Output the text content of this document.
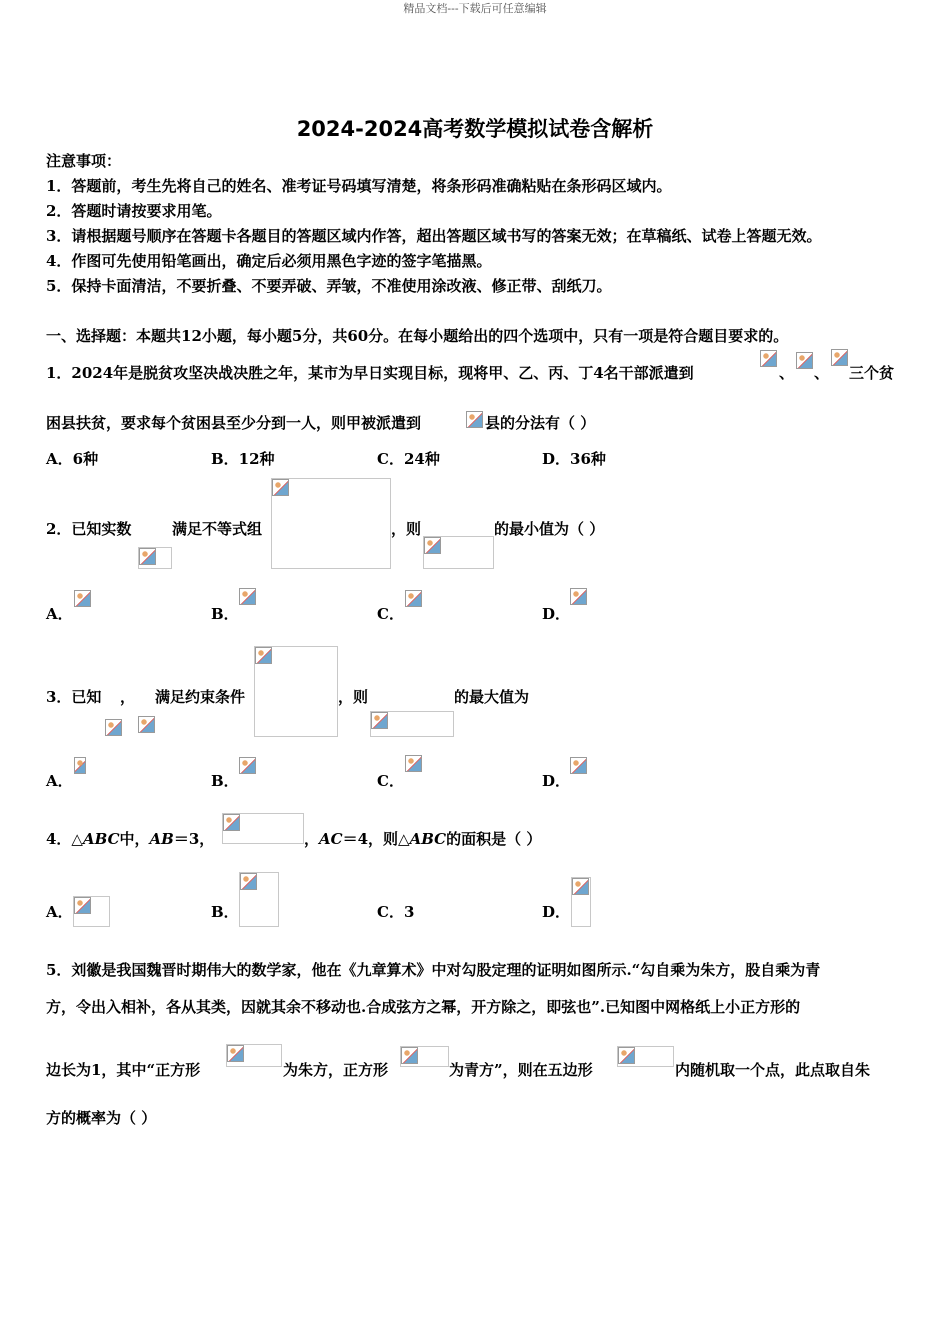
精品文档---下载后可任意编辑
2024-2024高考数学模拟试卷含解析
注意事项：
1．答题前，考生先将自己的姓名、准考证号码填写清楚，将条形码准确粘贴在条形码区域内。
2．答题时请按要求用笔。
3．请根据题号顺序在答题卡各题目的答题区域内作答，超出答题区域书写的答案无效；在草稿纸、试卷上答题无效。
4．作图可先使用铅笔画出，确定后必须用黑色字迹的签字笔描黑。
5．保持卡面清洁，不要折叠、不要弄破、弄皱，不准使用涂改液、修正带、刮纸刀。
一、选择题：本题共12小题，每小题5分，共60分。在每小题给出的四个选项中，只有一项是符合题目要求的。
1．2024年是脱贫攻坚决战决胜之年，某市为早日实现目标，现将甲、乙、丙、丁4名干部派遣到	、 、 三个贫
困县扶贫，要求每个贫困县至少分到一人，则甲被派遣到	县的分法有（ ）
A．6种	B．12种	C．24种	D．36种
2．已知实数	满足不等式组	，则	的最小值为（ ）
A．	B．	C．	D．
3．已知 ， 满足约束条件	，则	的最大值为
A．	B．	C．	D．
4．△ABC中，AB＝3，	，AC＝4，则△ABC的面积是（ ）
A．	B．	C．3	D．
5．刘徽是我国魏晋时期伟大的数学家，他在《九章算术》中对勾股定理的证明如图所示.“勾自乘为朱方，股自乘为青
方，令出入相补，各从其类，因就其余不移动也.合成弦方之幂，开方除之，即弦也”.已知图中网格纸上小正方形的
边长为1，其中“正方形	为朱方，正方形	为青方”，则在五边形	内随机取一个点，此点取自朱
方的概率为（ ）
